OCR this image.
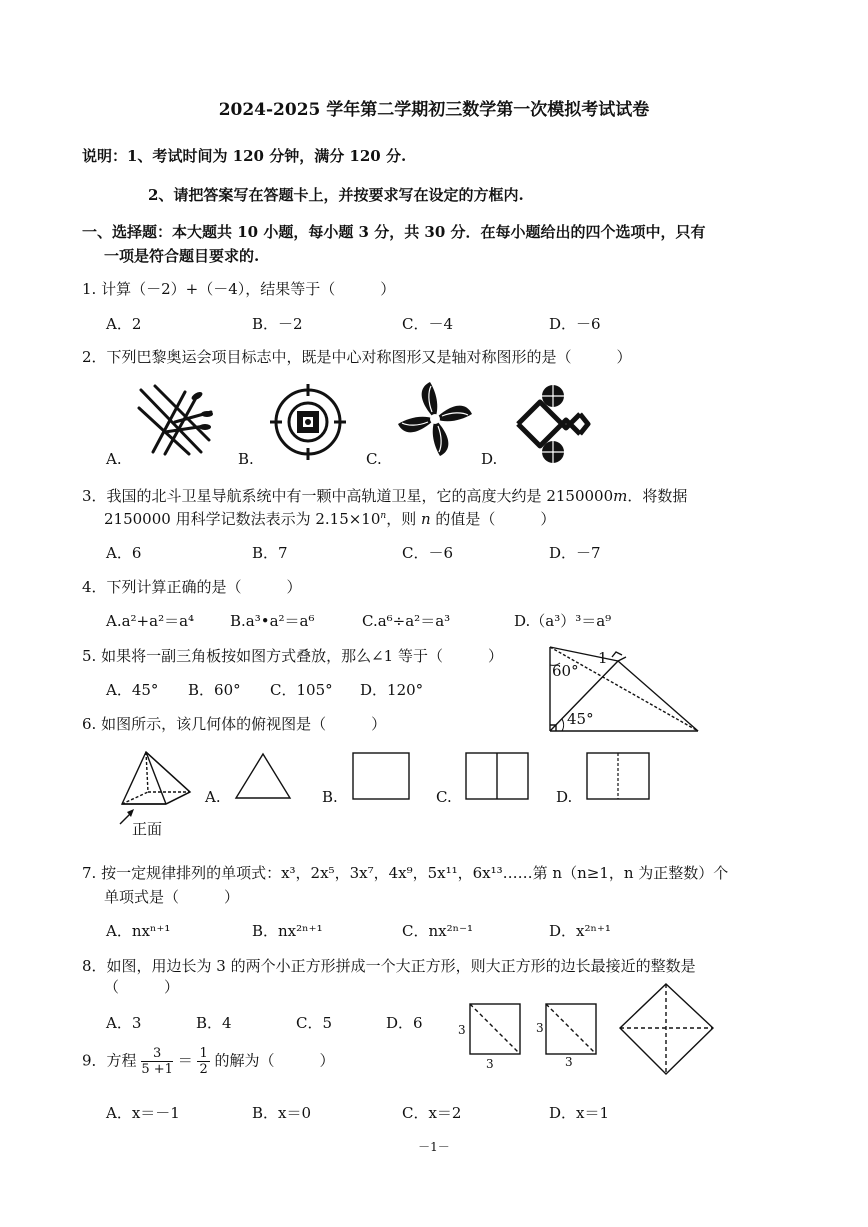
2024-2025 学年第二学期初三数学第一次模拟考试试卷
说明：1、考试时间为 120 分钟，满分 120 分.
2、请把答案写在答题卡上，并按要求写在设定的方框内.
一、选择题：本大题共 10 小题，每小题 3 分，共 30 分．在每小题给出的四个选项中，只有
一项是符合题目要求的.
1. 计算（－2）+（－4），结果等于（　　　）
A．2	B．－2	C．－4	D．－6
2．下列巴黎奥运会项目标志中，既是中心对称图形又是轴对称图形的是（　　　）
A.	B.	C.	D.
3．我国的北斗卫星导航系统中有一颗中高轨道卫星，它的高度大约是 2150000m．将数据
2150000 用科学记数法表示为 $2.15\times 10^n$，则 n 的值是（　　　）
A．6	B．7	C．－6	D．－7
4．下列计算正确的是（　　　）
A.a²+a²＝a⁴ B.a³•a²＝a⁶	C.a⁶÷a²＝a³	D.（a³）³＝a⁹
5. 如果将一副三角板按如图方式叠放，那么∠1 等于（　　　）
A．45° B．60° C．105° D．120°
60°
1
45°
6. 如图所示，该几何体的俯视图是（　　　）
正面
A.	B.	C.	D.
7. 按一定规律排列的单项式：x³，2x⁵，3x⁷，4x⁹，5x¹¹，6x¹³……第 n（n≥1，n 为正整数）个
单项式是（　　　）
A．nxⁿ⁺¹	B．nx²ⁿ⁺¹	C．nx²ⁿ⁻¹	D．x²ⁿ⁺¹
8．如图，用边长为 3 的两个小正方形拼成一个大正方形，则大正方形的边长最接近的整数是
（　　　）
A．3	B．4	C．5	D．6	3
3
3
3
9．方程 $\frac{3}{5 +1} = \frac{1}{2}$ 的解为（　　　）
A．x＝－1	B．x＝0	C．x＝2	D．x＝1
－1－
